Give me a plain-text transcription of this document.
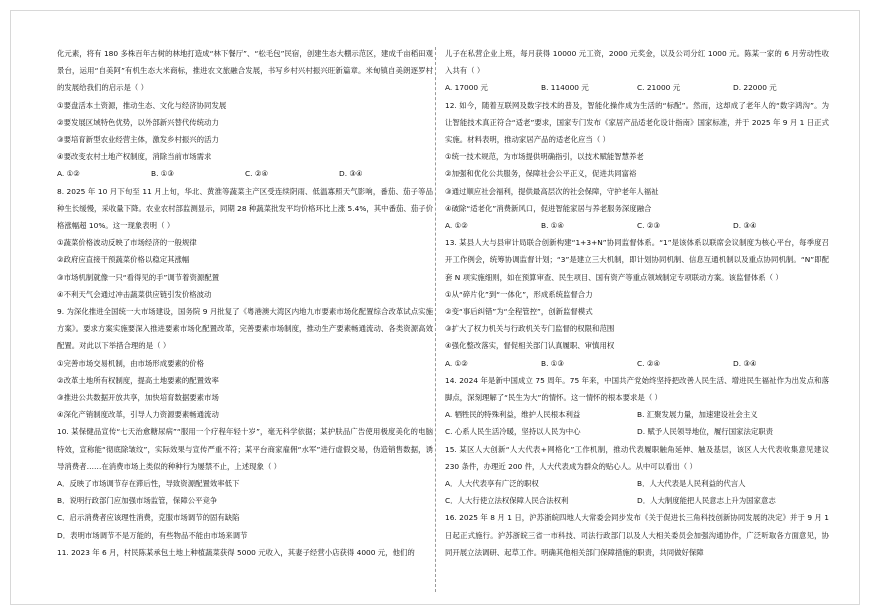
化元素，将有 180 多株百年古树的林地打造成“林下餐厅”、“松毛包”民宿，创建生态大棚示范区，建成千亩稻田观景台，运用“自美阿”有机生态大米商标，推进农文旅融合发展，书写乡村兴村振兴旺新篇章。米甸镇自美朗逐罗村的发展给我们的启示是（ ）

①要盘活本土资源，推动生态、文化与经济协同发展

②要发展区域特色优势，以外部新兴替代传统动力

③要培育新型农业经营主体，激发乡村振兴的活力

④要改变农村土地产权制度，消除当前市场需求

A. ①②	B. ①③	C. ②④	D. ③④

8. 2025 年 10 月下旬至 11 月上旬，华北、黄淮等蔬菜主产区受连续阴雨、低温寡照天气影响，番茄、茄子等品种生长缓慢，采收量下降。农业农村部监测显示，同期 28 种蔬菜批发平均价格环比上涨 5.4%，其中番茄、茄子价格涨幅超 10%。这一现象表明（ ）

①蔬菜价格波动反映了市场经济的一般规律

②政府应直接干预蔬菜价格以稳定其涨幅

③市场机制就像一只“看得见的手”调节着资源配置

④不利天气会通过冲击蔬菜供应链引发价格波动

9. 为深化推进全国统一大市场建设，国务院 9 月批复了《粤港澳大湾区内地九市要素市场化配置综合改革试点实施方案》。要求方案实施要深入推进要素市场化配置改革，完善要素市场制度，推动生产要素畅通流动、各类资源高效配置。对此以下举措合理的是（ ）

①完善市场交易机制，由市场形成要素的价格

②改革土地所有权制度，提高土地要素的配置效率

③推进公共数据开放共享，加快培育数据要素市场

④深化产销制度改革，引导人力资源要素畅通流动

10. 某保健品宣传“七天治愈糖尿病”“服用一个疗程年轻十岁”，毫无科学依据；某护肤品广告使用极度美化的电脑特效，宣称能“彻底除皱纹”，实际效果与宣传严重不符；某平台商家雇佣“水军”进行虚假交易，伪造销售数据，诱导消费者……在消费市场上类似的种种行为屡禁不止，上述现象（ ）

A．反映了市场调节存在滞后性，导致资源配置效率低下

B．说明行政部门应加强市场监管，保障公平竞争

C．启示消费者应该理性消费，克服市场调节的固有缺陷

D．表明市场调节不是万能的，有些物品不能由市场来调节

11. 2023 年 6 月，村民陈某承包土地上种植蔬菜获得 5000 元收入，其妻子经营小店获得 4000 元，他们的

儿子在私营企业上班，每月获得 10000 元工资，2000 元奖金，以及公司分红 1000 元。陈某一家的 6 月劳动性收入共有（ ）

A. 17000 元	B. 114000 元	C. 21000 元	D. 22000 元

12. 如今，随着互联网及数字技术的普及，智能化操作成为生活的“标配”。然而，这却成了老年人的“数字鸿沟”。为让智能技术真正符合“适老”要求，国家专门发布《家居产品适老化设计指南》国家标准，并于 2025 年 9 月 1 日正式实施。材料表明，推动家居产品的适老化应当（ ）

①统一技术规范，为市场提供明确指引，以技术赋能智慧养老

②加强和优化公共服务，保障社会公平正义，促进共同富裕

③通过顺应社会福利，提供最高层次的社会保障，守护老年人福祉

④破除“适老化”消费新风口，促进智能家居与养老服务深度融合

A. ①②	B. ①④	C. ②③	D. ③④

13. 某县人大与县审计局联合创新构建“1+3+N”协同监督体系。“1”是该体系以联席会议制度为核心平台，每季度召开工作例会，统筹协调监督计划；“3”是建立三大机制，即计划协同机制、信息互通机制以及重点协同机制。“N”即配套 N 项实施细则，如在预算审查、民生项目、国有资产等重点领域制定专项联动方案。该监督体系（ ）

①从“碎片化”到“一体化”，形成系统监督合力

②变“事后纠错”为“全程管控”，创新监督模式

③扩大了权力机关与行政机关专门监督的权限和范围

④强化整改落实，督促相关部门认真履职、审慎用权

A. ①②	B. ①③	C. ②④	D. ③④

14. 2024 年是新中国成立 75 周年。75 年来，中国共产党始终坚持把改善人民生活、增进民生福祉作为出发点和落脚点，深刻理解了“民生为大”的情怀。这一情怀的根本要求是（ ）

A. 牺牲民的特殊利益，维护人民根本利益	B. 汇聚发展力量，加速建设社会主义
C. 心系人民生活冷暖，坚持以人民为中心	D. 赋予人民领导地位，履行国家法定职责

15. 某区人大创新“人大代表+网格化”工作机制，推动代表履职触角延伸、触及基层，该区人大代表收集意见建议 230 条件，办理近 200 件，人大代表成为群众的贴心人。从中可以看出（ ）

A．人大代表享有广泛的职权	B．人大代表是人民利益的代言人
C．人大行使立法权保障人民合法权利	D．人大制度能把人民意志上升为国家意志

16. 2025 年 8 月 1 日，沪苏浙皖四地人大常委会同步发布《关于促进长三角科技创新协同发展的决定》并于 9 月 1 日起正式施行。沪苏浙皖三省一市科技、司法行政部门以及人大相关委员会加强沟通协作，广泛听取各方面意见，协同开展立法调研、起草工作。明确其他相关部门保障措施的职责，共同做好保障
